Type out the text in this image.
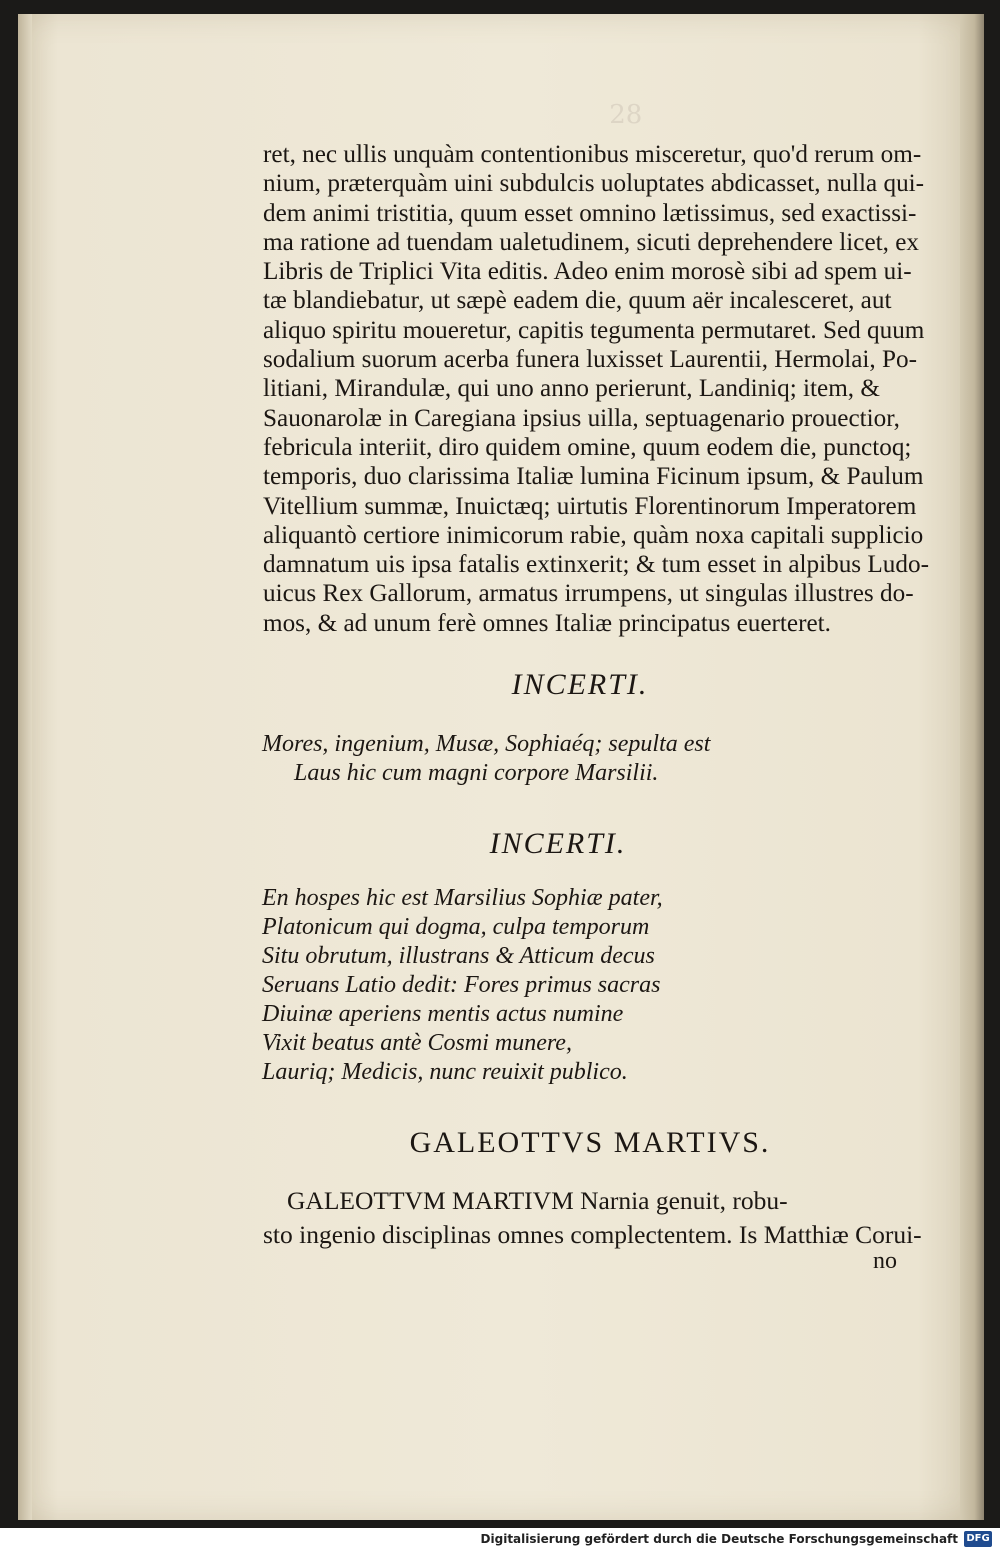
ret, nec ullis unquàm contentionibus misceretur, quo'd rerum om-
nium, præterquàm uini subdulcis uoluptates abdicasset, nulla qui-
dem animi tristitia, quum esset omnino lætissimus, sed exactissi-
ma ratione ad tuendam ualetudinem, sicuti deprehendere licet, ex
Libris de Triplici Vita editis. Adeo enim morosè sibi ad spem ui-
tæ blandiebatur, ut sæpè eadem die, quum aër incalesceret, aut
aliquo spiritu moueretur, capitis tegumenta permutaret. Sed quum
sodalium suorum acerba funera luxisset Laurentii, Hermolai, Po-
litiani, Mirandulæ, qui uno anno perierunt, Landiniq; item, &
Sauonarolæ in Caregiana ipsius uilla, septuagenario prouectior,
febricula interiit, diro quidem omine, quum eodem die, punctoq;
temporis, duo clarissima Italiæ lumina Ficinum ipsum, & Paulum
Vitellium summæ, Inuictæq; uirtutis Florentinorum Imperatorem
aliquantò certiore inimicorum rabie, quàm noxa capitali supplicio
damnatum uis ipsa fatalis extinxerit; & tum esset in alpibus Ludo-
uicus Rex Gallorum, armatus irrumpens, ut singulas illustres do-
mos, & ad unum ferè omnes Italiæ principatus euerteret.
INCERTI.
Mores, ingenium, Musæ, Sophiaéq; sepulta est
Laus hic cum magni corpore Marsilii.
INCERTI.
En hospes hic est Marsilius Sophiæ pater,
Platonicum qui dogma, culpa temporum
Situ obrutum, illustrans & Atticum decus
Seruans Latio dedit: Fores primus sacras
Diuinæ aperiens mentis actus numine
Vixit beatus antè Cosmi munere,
Lauriq; Medicis, nunc reuixit publico.
GALEOTTVS MARTIVS.
GALEOTTVM MARTIVM Narnia genuit, robu-
sto ingenio disciplinas omnes complectentem. Is Matthiæ Corui-
no
Digitalisierung gefördert durch die Deutsche Forschungsgemeinschaft DFG
